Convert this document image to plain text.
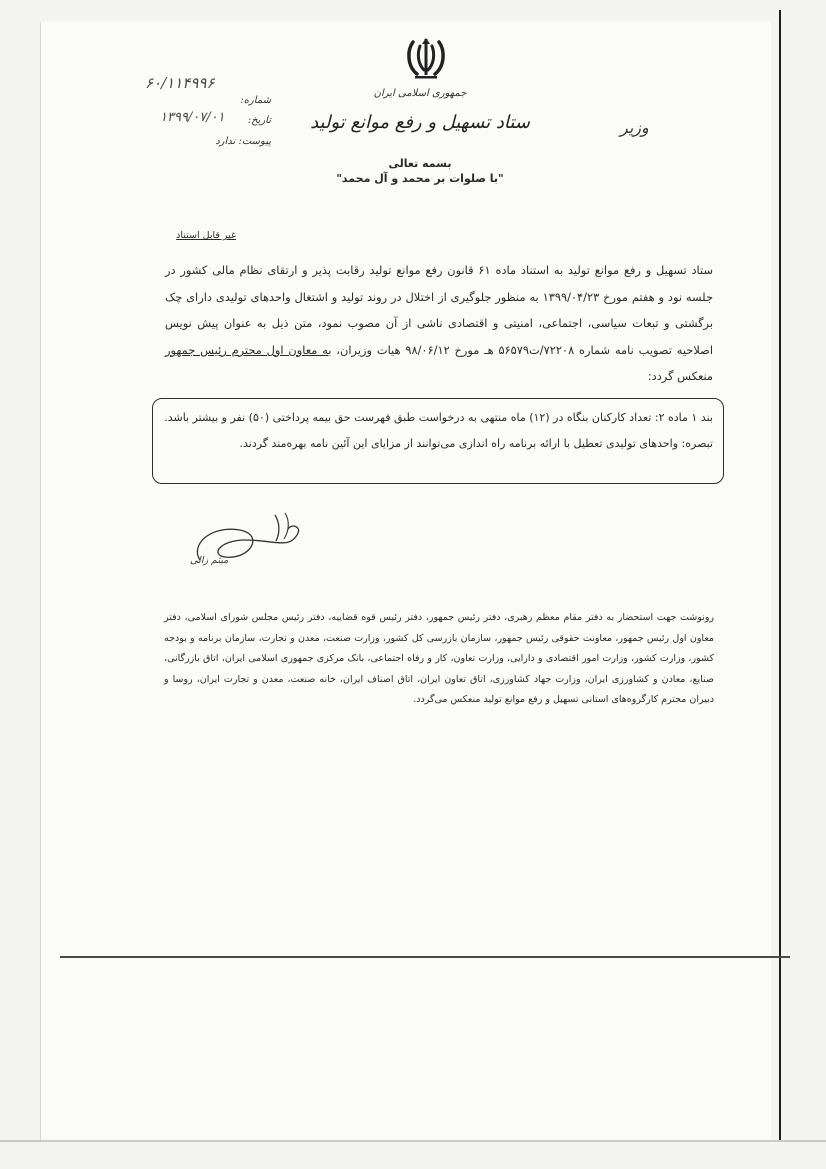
جمهوری اسلامی ایران
ستاد تسهیل و رفع موانع تولید	وزیر
بسمه تعالی
"با صلوات بر محمد و آل محمد"
شماره:
۶۰/۱۱۴۹۹۶
تاریخ:
۱۳۹۹/۰۷/۰۱
پیوست: ندارد
غیر قابل استناد
ستاد تسهیل و رفع موانع تولید به استناد ماده ۶۱ قانون رفع موانع تولید رقابت پذیر و ارتقای نظام مالی کشور در جلسه نود و هفتم مورخ ۱۳۹۹/۰۴/۲۳ به منظور جلوگیری از اختلال در روند تولید و اشتغال واحدهای تولیدی دارای چک برگشتی و تبعات سیاسی، اجتماعی، امنیتی و اقتصادی ناشی از آن مصوب نمود، متن ذیل به عنوان پیش نویس اصلاحیه تصویب نامه شماره ۷۲۲۰۸/ت۵۶۵۷۹ هـ مورخ ۹۸/۰۶/۱۲ هیات وزیران، به معاون اول محترم رئیس جمهور منعکس گردد:

بند ۱ ماده ۲: تعداد کارکنان بنگاه در (۱۲) ماه منتهی به درخواست طبق فهرست حق بیمه پرداختی (۵۰) نفر و بیشتر باشد.

تبصره: واحدهای تولیدی تعطیل با ارائه برنامه راه اندازی می‌توانند از مزایای این آئین نامه بهره‌مند گردند.

میثم زالی
رونوشت جهت استحضار به دفتر مقام معظم رهبری، دفتر رئیس جمهور، دفتر رئیس قوه قضاییه، دفتر رئیس مجلس شورای اسلامی، دفتر معاون اول رئیس جمهور، معاونت حقوقی رئیس جمهور، سازمان بازرسی کل کشور، وزارت صنعت، معدن و تجارت، سازمان برنامه و بودجه کشور، وزارت کشور، وزارت امور اقتصادی و دارایی، وزارت تعاون، کار و رفاه اجتماعی، بانک مرکزی جمهوری اسلامی ایران، اتاق بازرگانی، صنایع، معادن و کشاورزی ایران، وزارت جهاد کشاورزی، اتاق تعاون ایران، اتاق اصناف ایران، خانه صنعت، معدن و تجارت ایران، روسا و دبیران محترم کارگروه‌های استانی تسهیل و رفع موانع تولید منعکس می‌گردد.
